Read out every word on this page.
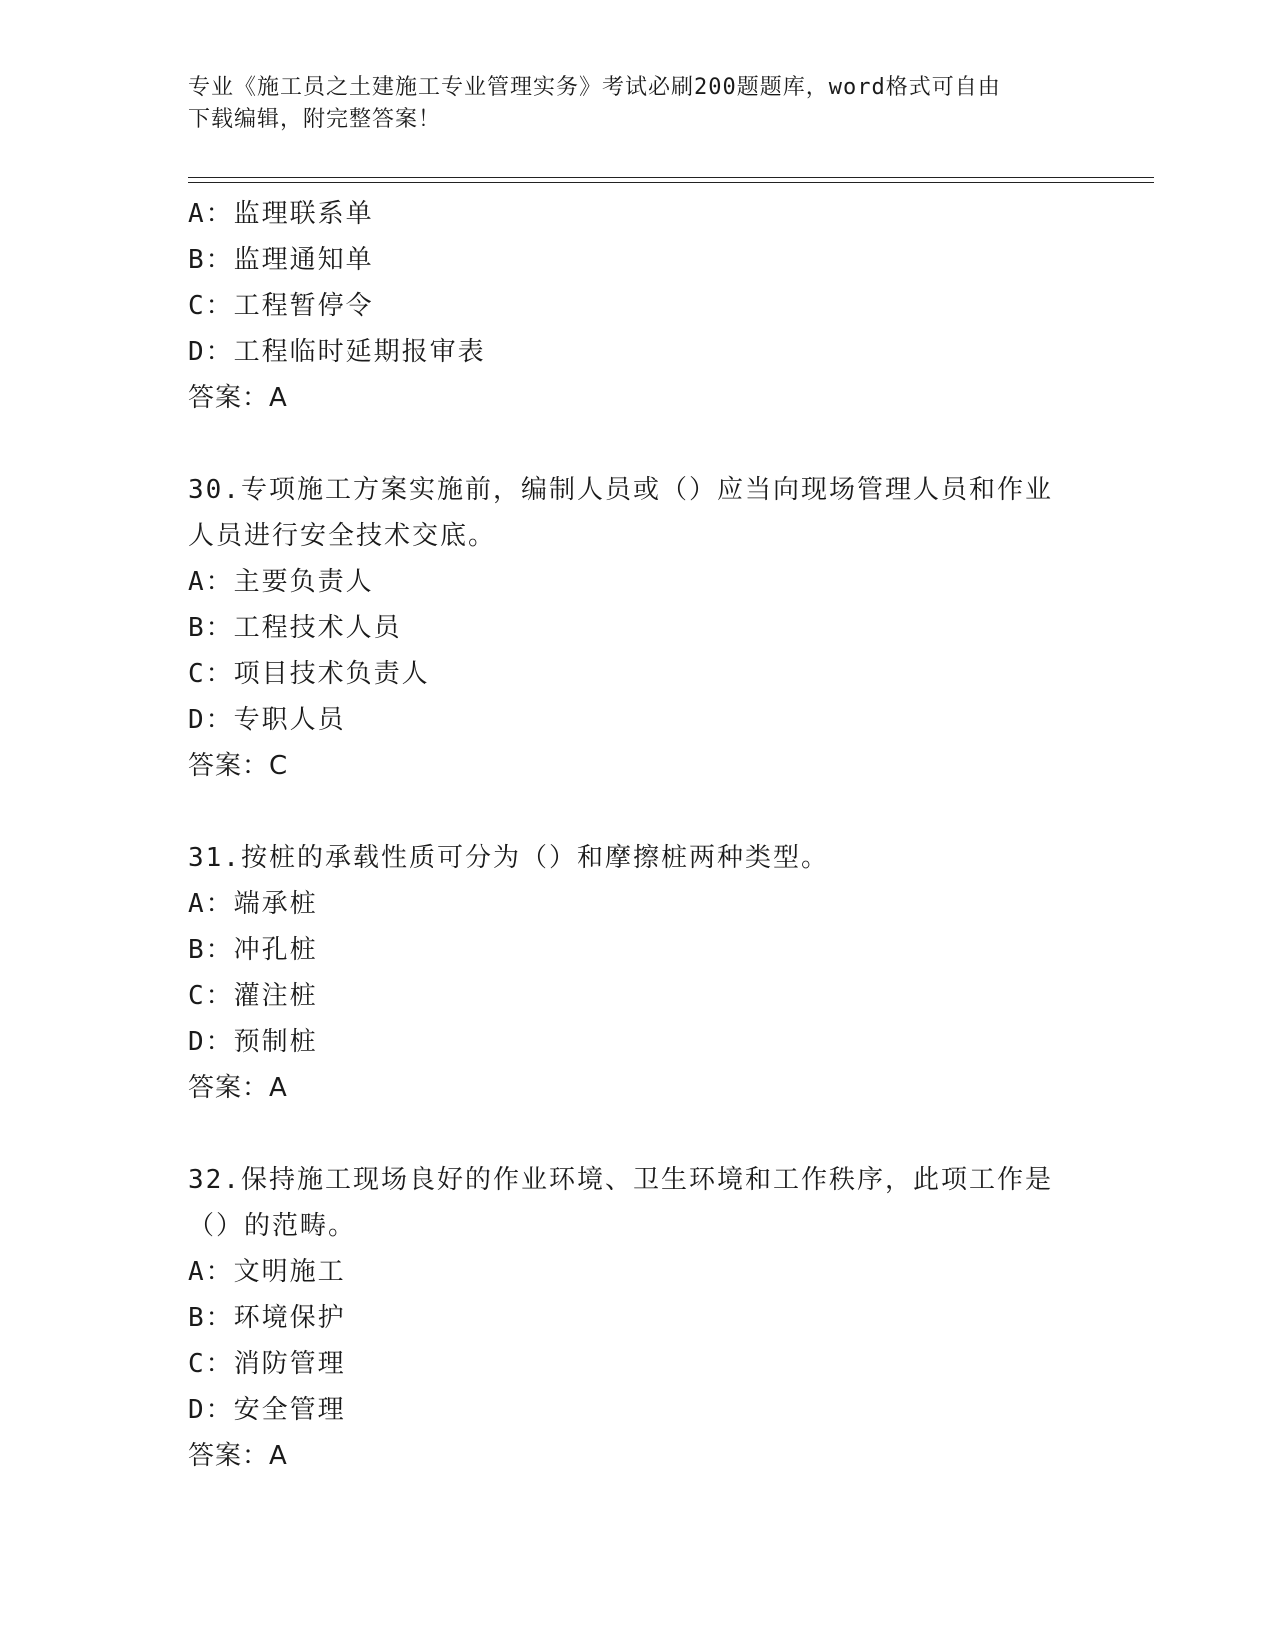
专业《施工员之土建施工专业管理实务》考试必刷200题题库，word格式可自由
下载编辑，附完整答案！
A：监理联系单
B：监理通知单
C：工程暂停令
D：工程临时延期报审表
答案：A
30.专项施工方案实施前，编制人员或（）应当向现场管理人员和作业
人员进行安全技术交底。
A：主要负责人
B：工程技术人员
C：项目技术负责人
D：专职人员
答案：C
31.按桩的承载性质可分为（）和摩擦桩两种类型。
A：端承桩
B：冲孔桩
C：灌注桩
D：预制桩
答案：A
32.保持施工现场良好的作业环境、卫生环境和工作秩序，此项工作是
（）的范畴。
A：文明施工
B：环境保护
C：消防管理
D：安全管理
答案：A
